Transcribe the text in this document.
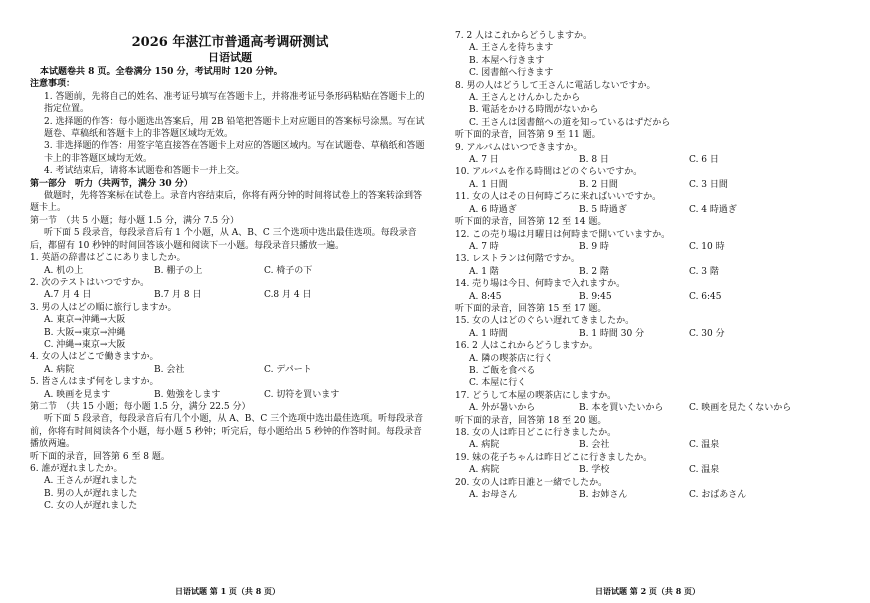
2026 年湛江市普通高考调研测试
日语试题
本试题卷共 8 页。全卷满分 150 分，考试用时 120 分钟。
注意事项：
1. 答题前，先将自己的姓名、准考证号填写在答题卡上，并将准考证号条形码粘贴在答题卡上的指定位置。
2. 选择题的作答：每小题选出答案后，用 2B 铅笔把答题卡上对应题目的答案标号涂黑。写在试题卷、草稿纸和答题卡上的非答题区域均无效。
3. 非选择题的作答：用签字笔直接答在答题卡上对应的答题区域内。写在试题卷、草稿纸和答题卡上的非答题区域均无效。
4. 考试结束后，请将本试题卷和答题卡一并上交。
第一部分　听力（共两节，满分 30 分）
做题时，先将答案标在试卷上。录音内容结束后，你将有两分钟的时间将试卷上的答案转涂到答题卡上。
第一节　（共 5 小题；每小题 1.5 分，满分 7.5 分）
听下面 5 段录音，每段录音后有 1 个小题，从 A、B、C 三个选项中选出最佳选项。每段录音后，都留有 10 秒钟的时间回答该小题和阅读下一小题。每段录音只播放一遍。
1. 英語の辞書はどこにありましたか。
A. 机の上	B. 棚子の上	C. 椅子の下
2. 次のテストはいつですか。
A.7 月 4 日	B.7 月 8 日	C.8 月 4 日
3. 男の人はどの順に旅行しますか。
A. 東京→沖縄→大阪
B. 大阪→東京→沖縄
C. 沖縄→東京→大阪
4. 女の人はどこで働きますか。
A. 病院	B. 会社	C. デパート
5. 皆さんはまず何をしますか。
A. 映画を見ます	B. 勉強をします	C. 切符を買います
第二节　（共 15 小题；每小题 1.5 分，满分 22.5 分）
听下面 5 段录音，每段录音后有几个小题，从 A、B、C 三个选项中选出最佳选项。听每段录音前，你将有时间阅读各个小题，每小题 5 秒钟；听完后，每小题给出 5 秒钟的作答时间。每段录音播放两遍。
听下面的录音，回答第 6 至 8 题。
6. 誰が遅れましたか。
A. 王さんが遅れました
B. 男の人が遅れました
C. 女の人が遅れました
7. 2 人はこれからどうしますか。
A. 王さんを待ちます
B. 本屋へ行きます
C. 図書館へ行きます
8. 男の人はどうして王さんに電話しないですか。
A. 王さんとけんかしたから
B. 電話をかける時間がないから
C. 王さんは図書館への道を知っているはずだから
听下面的录音，回答第 9 至 11 题。
9. アルバムはいつできますか。
A. 7 日	B. 8 日	C. 6 日
10. アルバムを作る時間はどのぐらいですか。
A. 1 日間	B. 2 日間	C. 3 日間
11. 女の人はその日何時ごろに来ればいいですか。
A. 6 時過ぎ	B. 5 時過ぎ	C. 4 時過ぎ
听下面的录音，回答第 12 至 14 题。
12. この売り場は月曜日は何時まで開いていますか。
A. 7 時	B. 9 時	C. 10 時
13. レストランは何階ですか。
A. 1 階	B. 2 階	C. 3 階
14. 売り場は今日、何時まで入れますか。
A. 8:45	B. 9:45	C. 6:45
听下面的录音，回答第 15 至 17 题。
15. 女の人はどのぐらい遅れてきましたか。
A. 1 時間	B. 1 時間 30 分	C. 30 分
16. 2 人はこれからどうしますか。
A. 隣の喫茶店に行く
B. ご飯を食べる
C. 本屋に行く
17. どうして本屋の喫茶店にしますか。
A. 外が暑いから	B. 本を買いたいから	C. 映画を見たくないから
听下面的录音，回答第 18 至 20 题。
18. 女の人は昨日どこに行きましたか。
A. 病院	B. 会社	C. 温泉
19. 妹の花子ちゃんは昨日どこに行きましたか。
A. 病院	B. 学校	C. 温泉
20. 女の人は昨日誰と一緒でしたか。
A. お母さん	B. お姉さん	C. おばあさん
日语试题 第 1 页（共 8 页）	日语试题 第 2 页（共 8 页）
